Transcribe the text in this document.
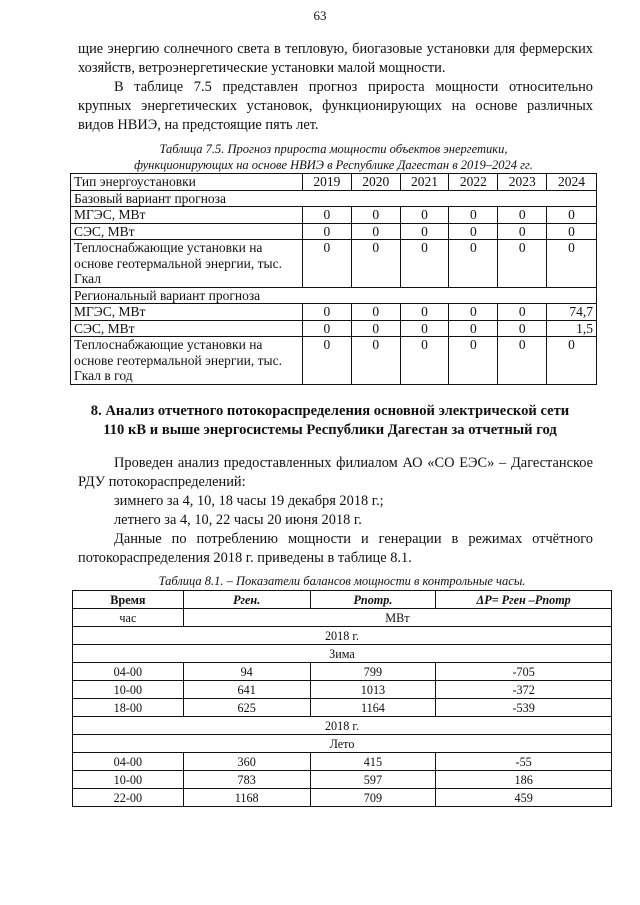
63

щие энергию солнечного света в тепловую, биогазовые установки для фермерских хозяйств, ветроэнергетические установки малой мощности.

В таблице 7.5 представлен прогноз прироста мощности относительно крупных энергетических установок, функционирующих на основе различных видов НВИЭ, на предстоящие пять лет.

Таблица 7.5. Прогноз прироста мощности объектов энергетики,
функционирующих на основе НВИЭ в Республике Дагестан в 2019–2024 гг.
Тип энергоустановки	2019	2020	2021	2022	2023	2024
Базовый вариант прогноза						
МГЭС, МВт	0	0	0	0	0	0
СЭС, МВт	0	0	0	0	0	0
Теплоснабжающие установки на основе геотермальной энергии, тыс. Гкал	0	0	0	0	0	0
Региональный вариант прогноза						
МГЭС, МВт	0	0	0	0	0	74,7
СЭС, МВт	0	0	0	0	0	1,5
Теплоснабжающие установки на основе геотермальной энергии, тыс. Гкал в год	0	0	0	0	0	0
8. Анализ отчетного потокораспределения основной электрической сети
110 кВ и выше энергосистемы Республики Дагестан за отчетный год

Проведен анализ предоставленных филиалом АО «СО ЕЭС» – Дагестанское РДУ потокораспределений:

зимнего за 4, 10, 18 часы 19 декабря 2018 г.;

летнего за 4, 10, 22 часы 20 июня 2018 г.

Данные по потреблению мощности и генерации в режимах отчётного потокораспределения 2018 г. приведены в таблице 8.1.

Таблица 8.1. – Показатели балансов мощности в контрольные часы.
Время	Pген.	Pпотр.	ΔP= Pген –Pпотр
час	МВт		
2018 г.			
Зима			
04-00	94	799	-705
10-00	641	1013	-372
18-00	625	1164	-539
2018 г.			
Лето			
04-00	360	415	-55
10-00	783	597	186
22-00	1168	709	459
